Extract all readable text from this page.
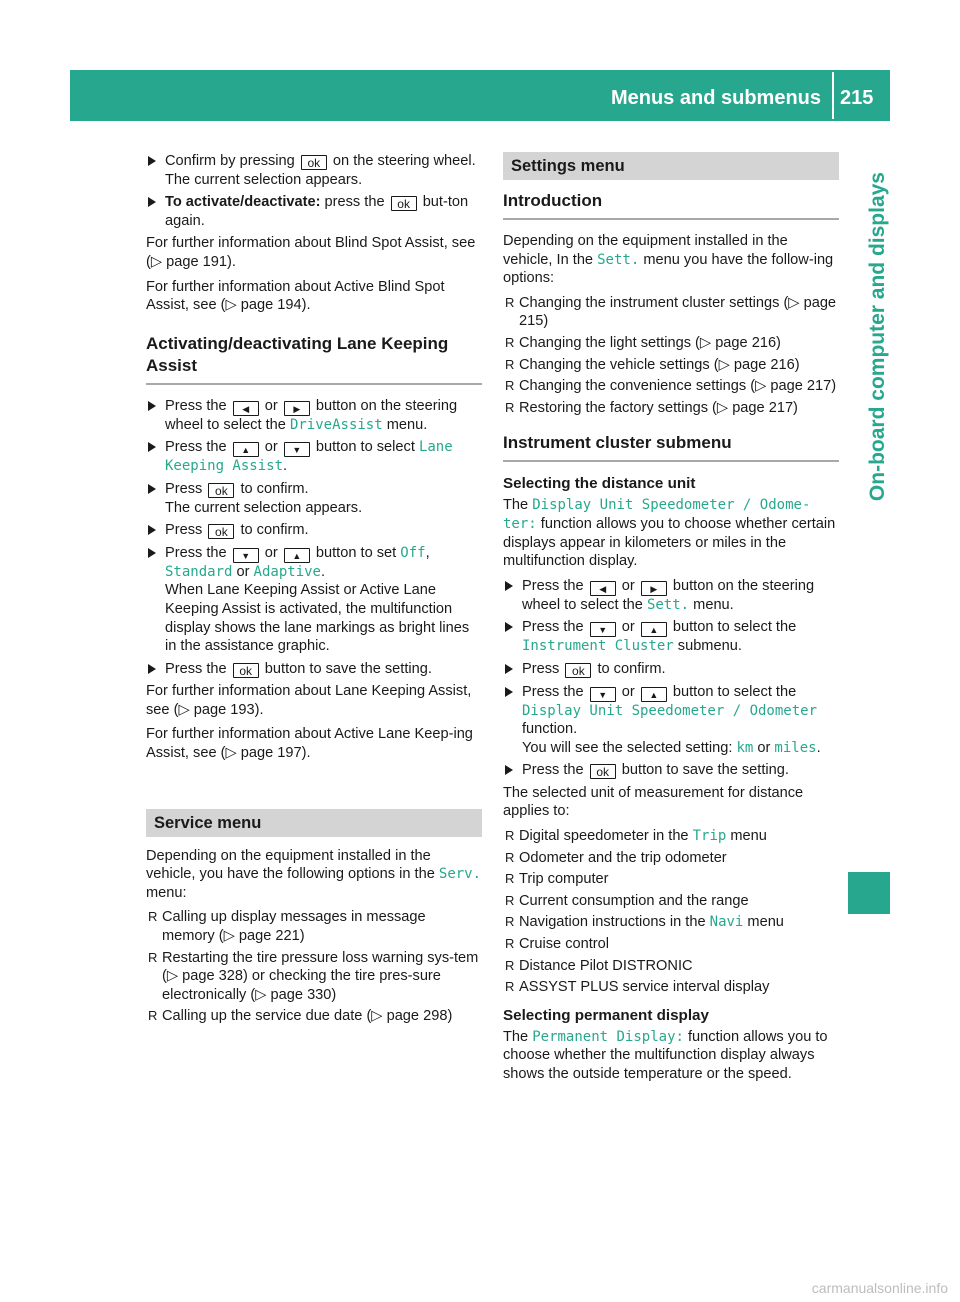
Menus and submenus 215
On-board computer and displays
Confirm by pressing ok on the steering wheel.
The current selection appears.
To activate/deactivate: press the ok but-ton again.

For further information about Blind Spot Assist, see (▷ page 191).

For further information about Active Blind Spot Assist, see (▷ page 194).

Activating/deactivating Lane Keeping Assist
Press the ◀ or ▶ button on the steering wheel to select the DriveAssist menu.
Press the ▲ or ▼ button to select Lane Keeping Assist.
Press ok to confirm.
The current selection appears.
Press ok to confirm.
Press the ▼ or ▲ button to set Off, Standard or Adaptive.
When Lane Keeping Assist or Active Lane Keeping Assist is activated, the multifunction display shows the lane markings as bright lines in the assistance graphic.
Press the ok button to save the setting.

For further information about Lane Keeping Assist, see (▷ page 193).

For further information about Active Lane Keep-ing Assist, see (▷ page 197).

Service menu

Depending on the equipment installed in the vehicle, you have the following options in the Serv. menu:

R Calling up display messages in message memory (▷ page 221)
R Restarting the tire pressure loss warning sys-tem (▷ page 328) or checking the tire pres-sure electronically (▷ page 330)
R Calling up the service due date (▷ page 298)
Settings menu
Introduction

Depending on the equipment installed in the vehicle, In the Sett. menu you have the follow-ing options:

R Changing the instrument cluster settings (▷ page 215)
R Changing the light settings (▷ page 216)
R Changing the vehicle settings (▷ page 216)
R Changing the convenience settings (▷ page 217)
R Restoring the factory settings (▷ page 217)
Instrument cluster submenu
Selecting the distance unit

The Display Unit Speedometer / Odome-ter: function allows you to choose whether certain displays appear in kilometers or miles in the multifunction display.

Press the ◀ or ▶ button on the steering wheel to select the Sett. menu.
Press the ▼ or ▲ button to select the Instrument Cluster submenu.
Press ok to confirm.
Press the ▼ or ▲ button to select the Display Unit Speedometer / Odometer function.
You will see the selected setting: km or miles.
Press the ok button to save the setting.

The selected unit of measurement for distance applies to:

R Digital speedometer in the Trip menu
R Odometer and the trip odometer
R Trip computer
R Current consumption and the range
R Navigation instructions in the Navi menu
R Cruise control
R Distance Pilot DISTRONIC
R ASSYST PLUS service interval display
Selecting permanent display

The Permanent Display: function allows you to choose whether the multifunction display always shows the outside temperature or the speed.

carmanualsonline.info
